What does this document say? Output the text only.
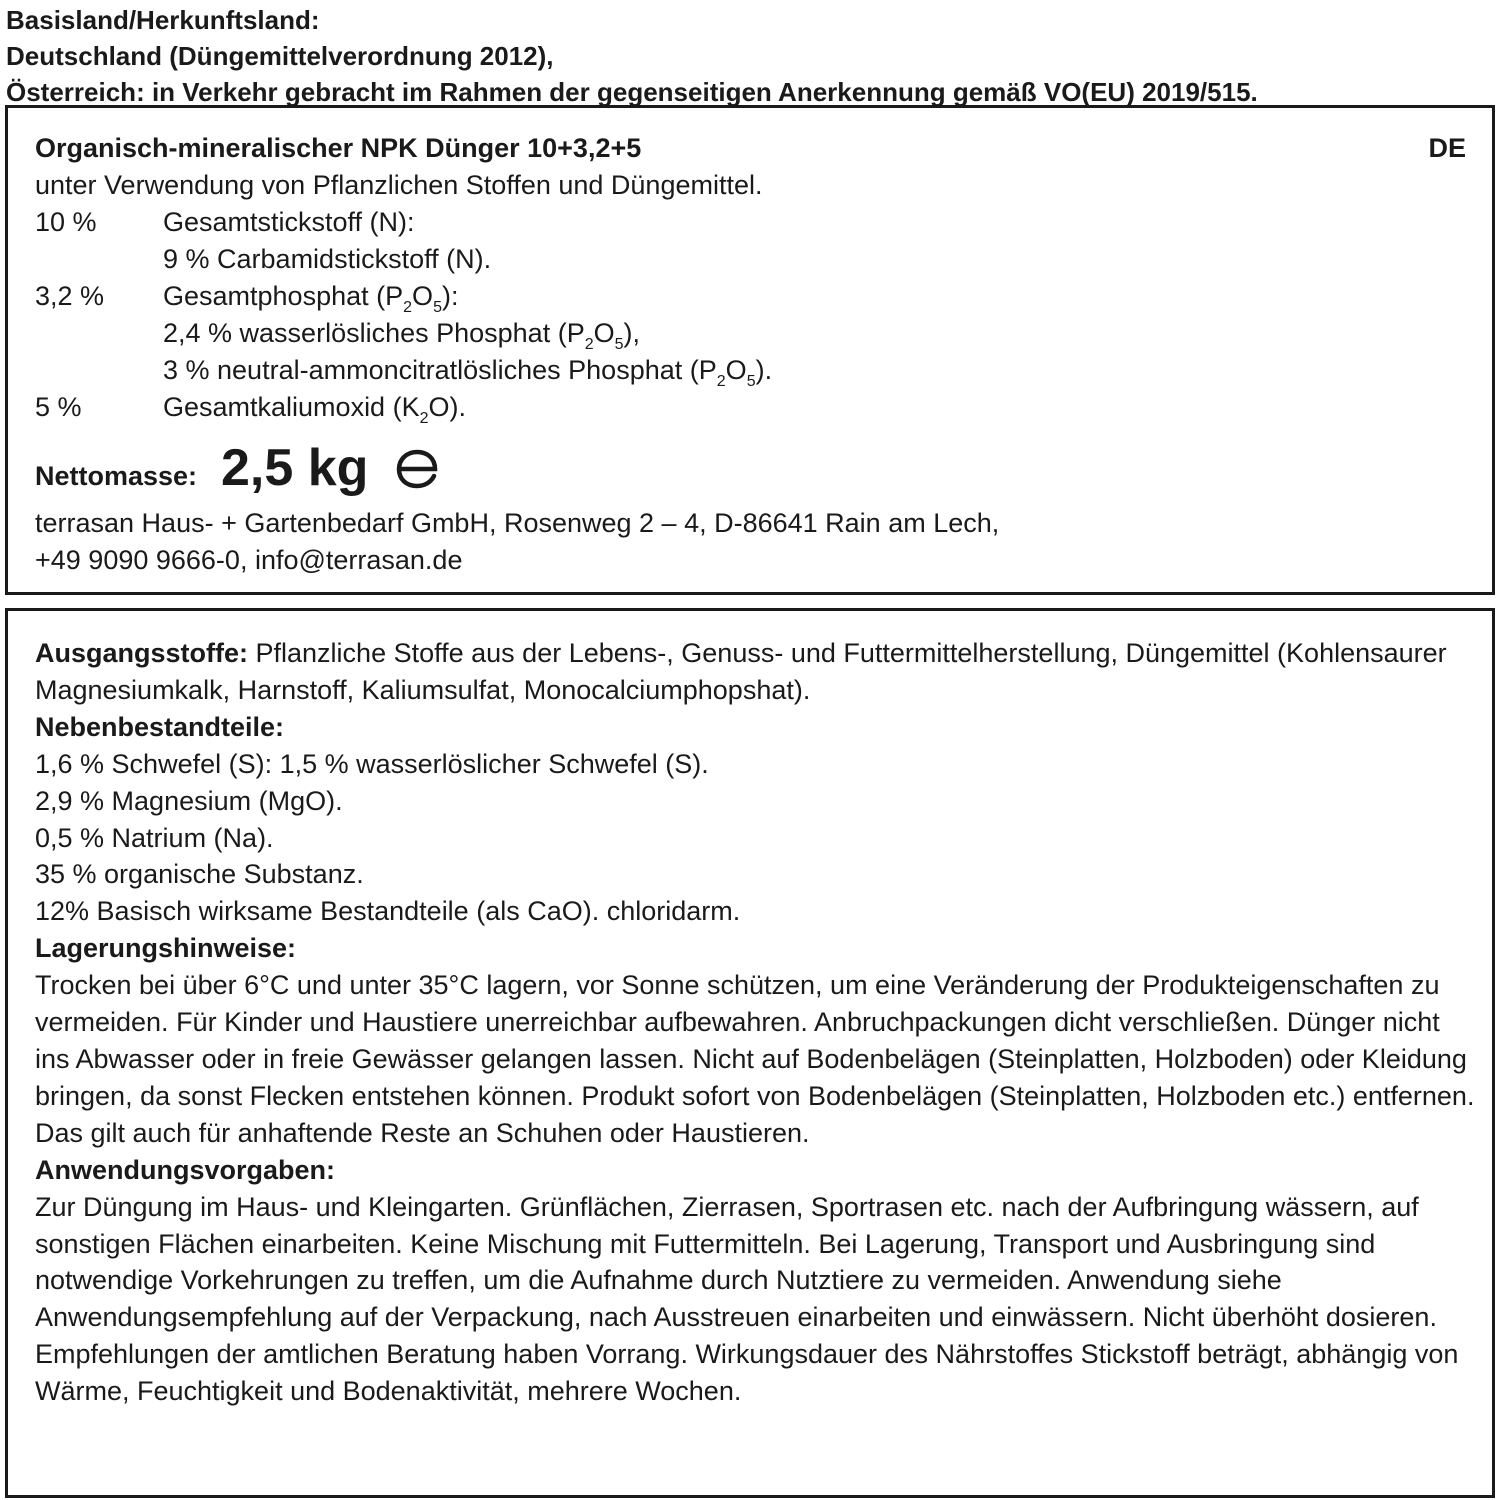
Basisland/Herkunftsland:
Deutschland (Düngemittelverordnung 2012),
Österreich: in Verkehr gebracht im Rahmen der gegenseitigen Anerkennung gemäß VO(EU) 2019/515.
Organisch-mineralischer NPK Dünger 10+3,2+5	DE
unter Verwendung von Pflanzlichen Stoffen und Düngemittel.
10 % Gesamtstickstoff (N):
9 % Carbamidstickstoff (N).
3,2 % Gesamtphosphat $(P_2O_5)$:
2,4 % wasserlösliches Phosphat $(P_2O_5)$,
3 % neutral-ammoncitratlösliches Phosphat $(P_2O_5)$.
5 %	Gesamtkaliumoxid $(K_2O)$.
Nettomasse: 2,5 kg
terrasan Haus- + Gartenbedarf GmbH, Rosenweg 2 – 4, D-86641 Rain am Lech,
+49 9090 9666-0, info@terrasan.de

Ausgangsstoffe: Pflanzliche Stoffe aus der Lebens-, Genuss- und Futtermittelherstellung, Düngemittel (Kohlensaurer Magnesiumkalk, Harnstoff, Kaliumsulfat, Monocalciumphopshat).

Nebenbestandteile:

1,6 % Schwefel (S): 1,5 % wasserlöslicher Schwefel (S).

2,9 % Magnesium (MgO).

0,5 % Natrium (Na).

35 % organische Substanz.

12% Basisch wirksame Bestandteile (als CaO). chloridarm.

Lagerungshinweise:

Trocken bei über 6°C und unter 35°C lagern, vor Sonne schützen, um eine Veränderung der Produkteigenschaften zu vermeiden. Für Kinder und Haustiere unerreichbar aufbewahren. Anbruchpackungen dicht verschließen. Dünger nicht ins Abwasser oder in freie Gewässer gelangen lassen. Nicht auf Bodenbelägen (Steinplatten, Holzboden) oder Kleidung bringen, da sonst Flecken entstehen können. Produkt sofort von Bodenbelägen (Steinplatten, Holzboden etc.) entfernen. Das gilt auch für anhaftende Reste an Schuhen oder Haustieren.

Anwendungsvorgaben:

Zur Düngung im Haus- und Kleingarten. Grünflächen, Zierrasen, Sportrasen etc. nach der Aufbringung wässern, auf sonstigen Flächen einarbeiten. Keine Mischung mit Futtermitteln. Bei Lagerung, Transport und Ausbringung sind notwendige Vorkehrungen zu treffen, um die Aufnahme durch Nutztiere zu vermeiden. Anwendung siehe Anwendungsempfehlung auf der Verpackung, nach Ausstreuen einarbeiten und einwässern. Nicht überhöht dosieren.

Empfehlungen der amtlichen Beratung haben Vorrang. Wirkungsdauer des Nährstoffes Stickstoff beträgt, abhängig von Wärme, Feuchtigkeit und Bodenaktivität, mehrere Wochen.
